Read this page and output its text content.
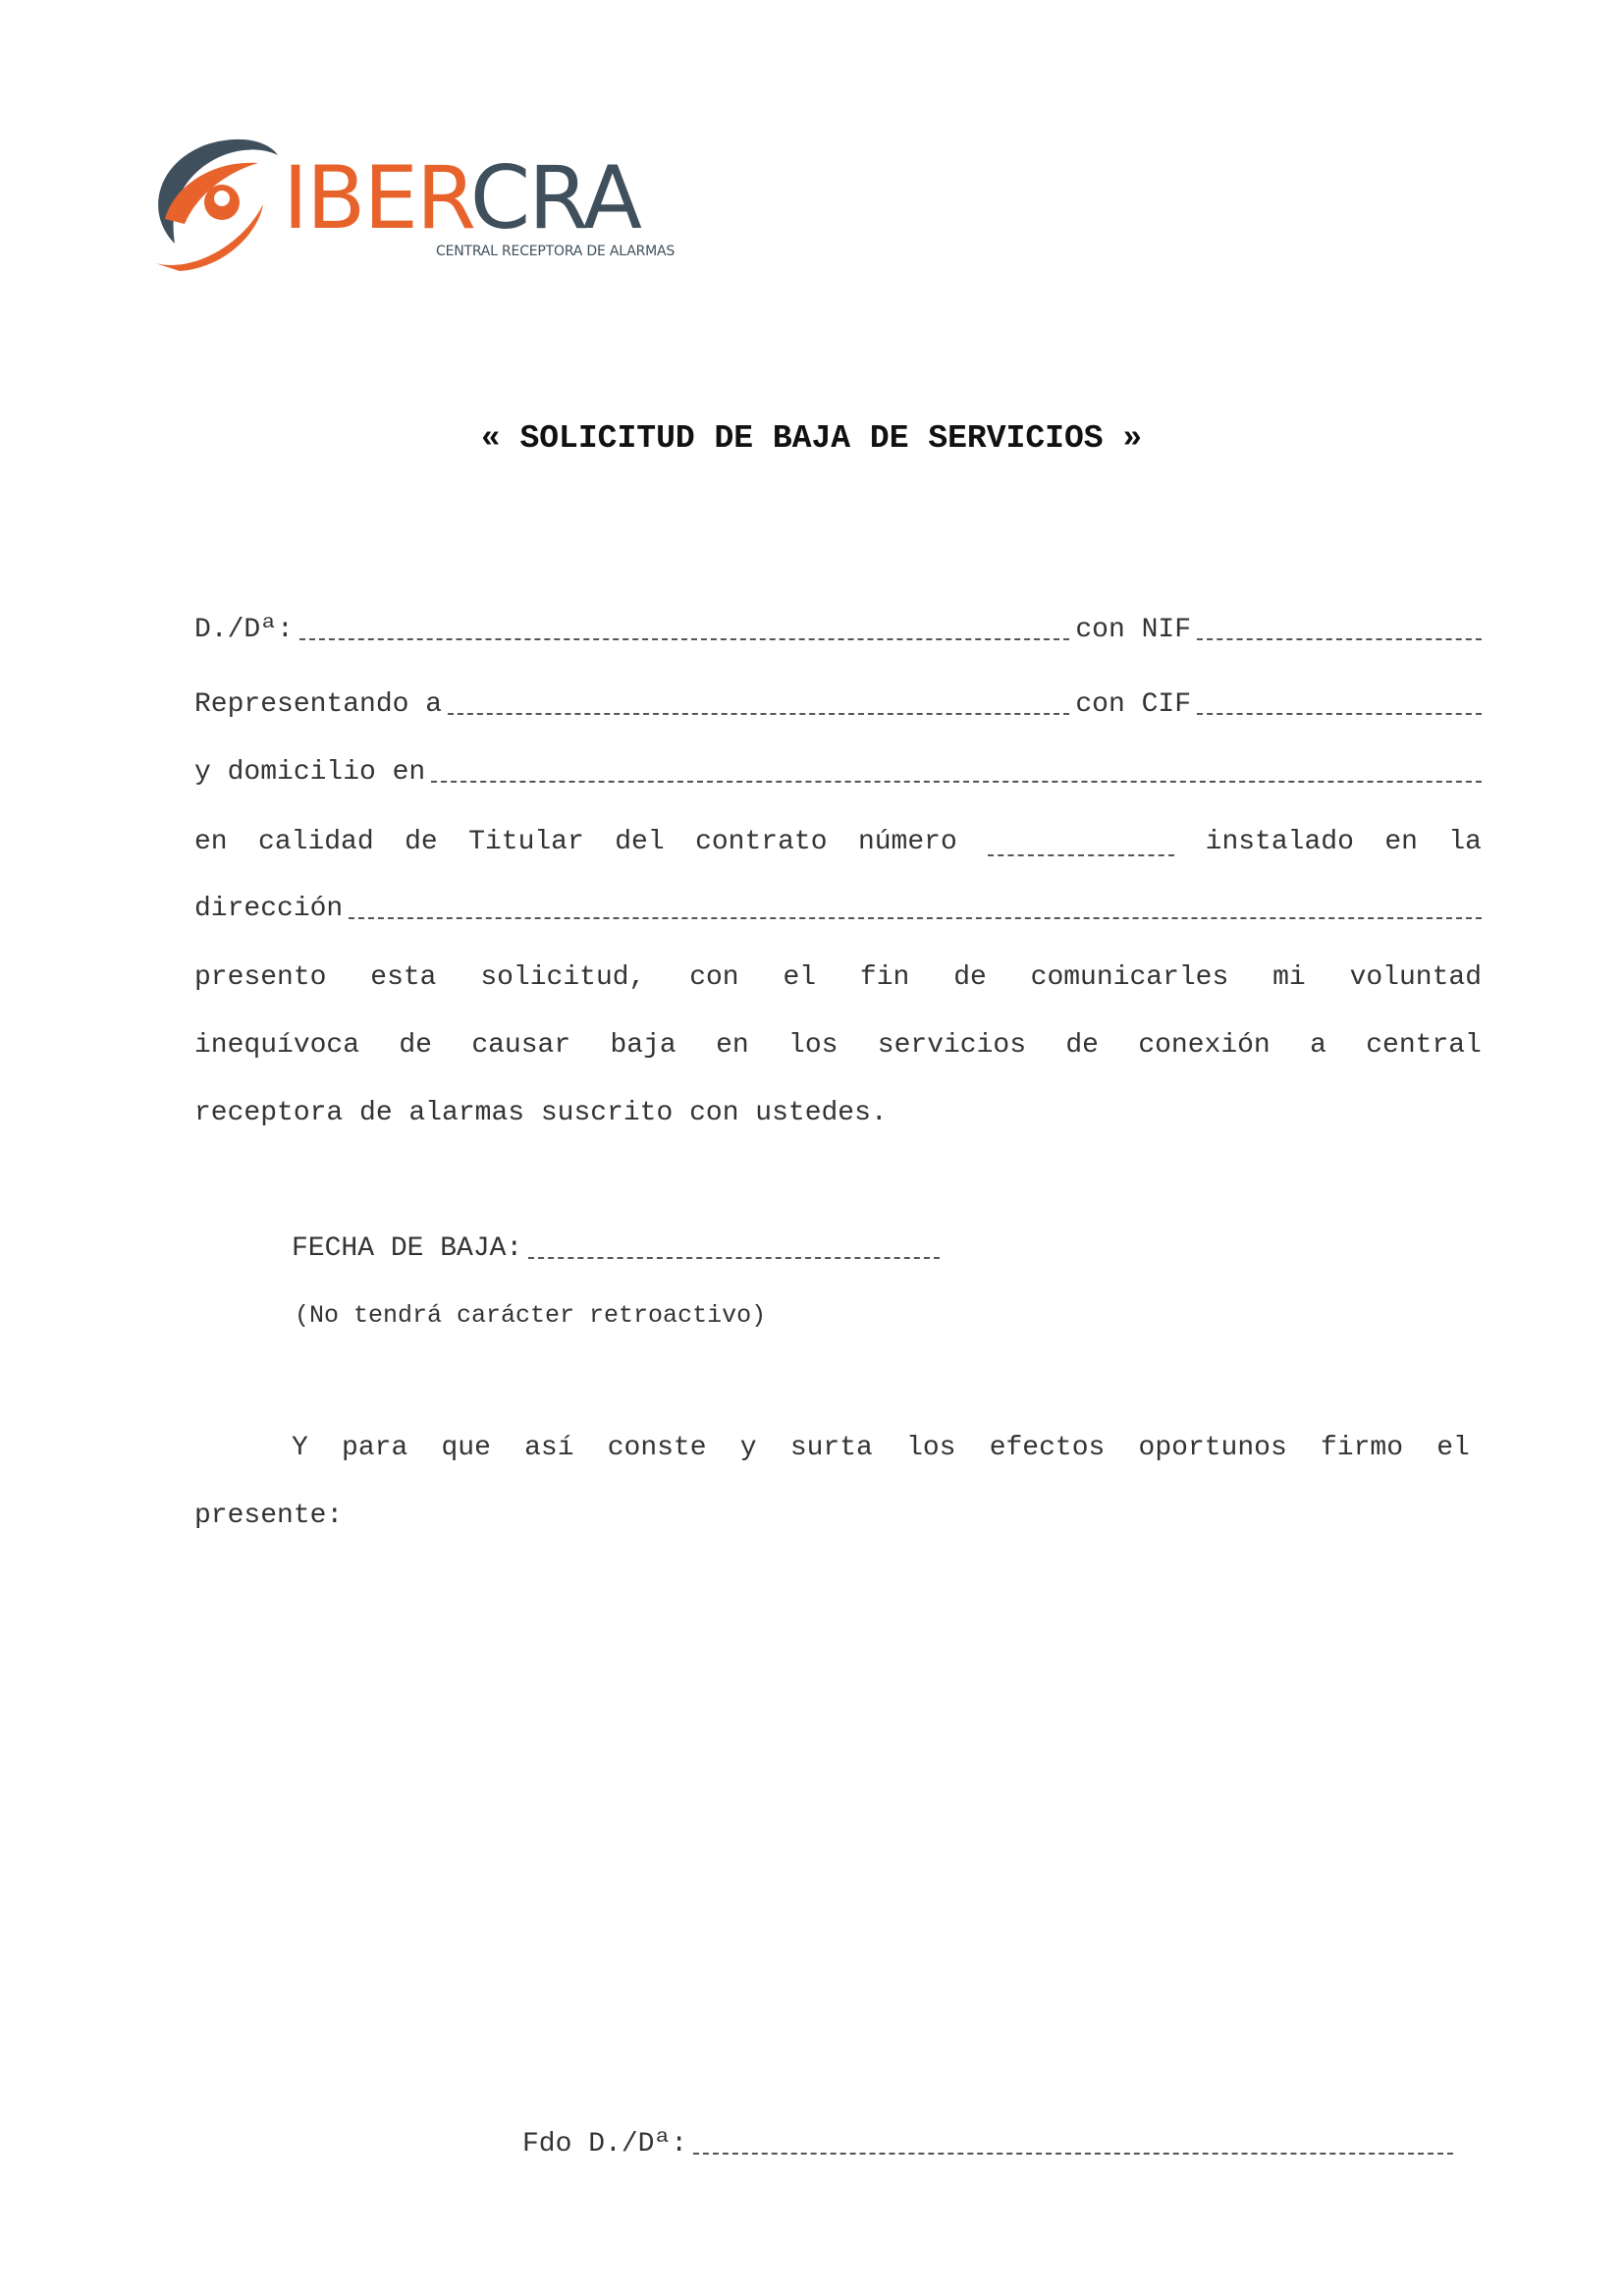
IBERCRA
CENTRAL RECEPTORA DE ALARMAS
« SOLICITUD DE BAJA DE SERVICIOS »
D./Dª:	con NIF
Representando a	con CIF
y domicilio en
en calidad de Titular del contrato número	instalado en la
dirección
presento esta solicitud, con el fin de comunicarles mi voluntad
inequívoca de causar baja en los servicios de conexión a central
receptora de alarmas suscrito con ustedes.
FECHA DE BAJA:
(No tendrá carácter retroactivo)
Y para que así conste y surta los efectos oportunos firmo el
presente:
Fdo D./Dª:
